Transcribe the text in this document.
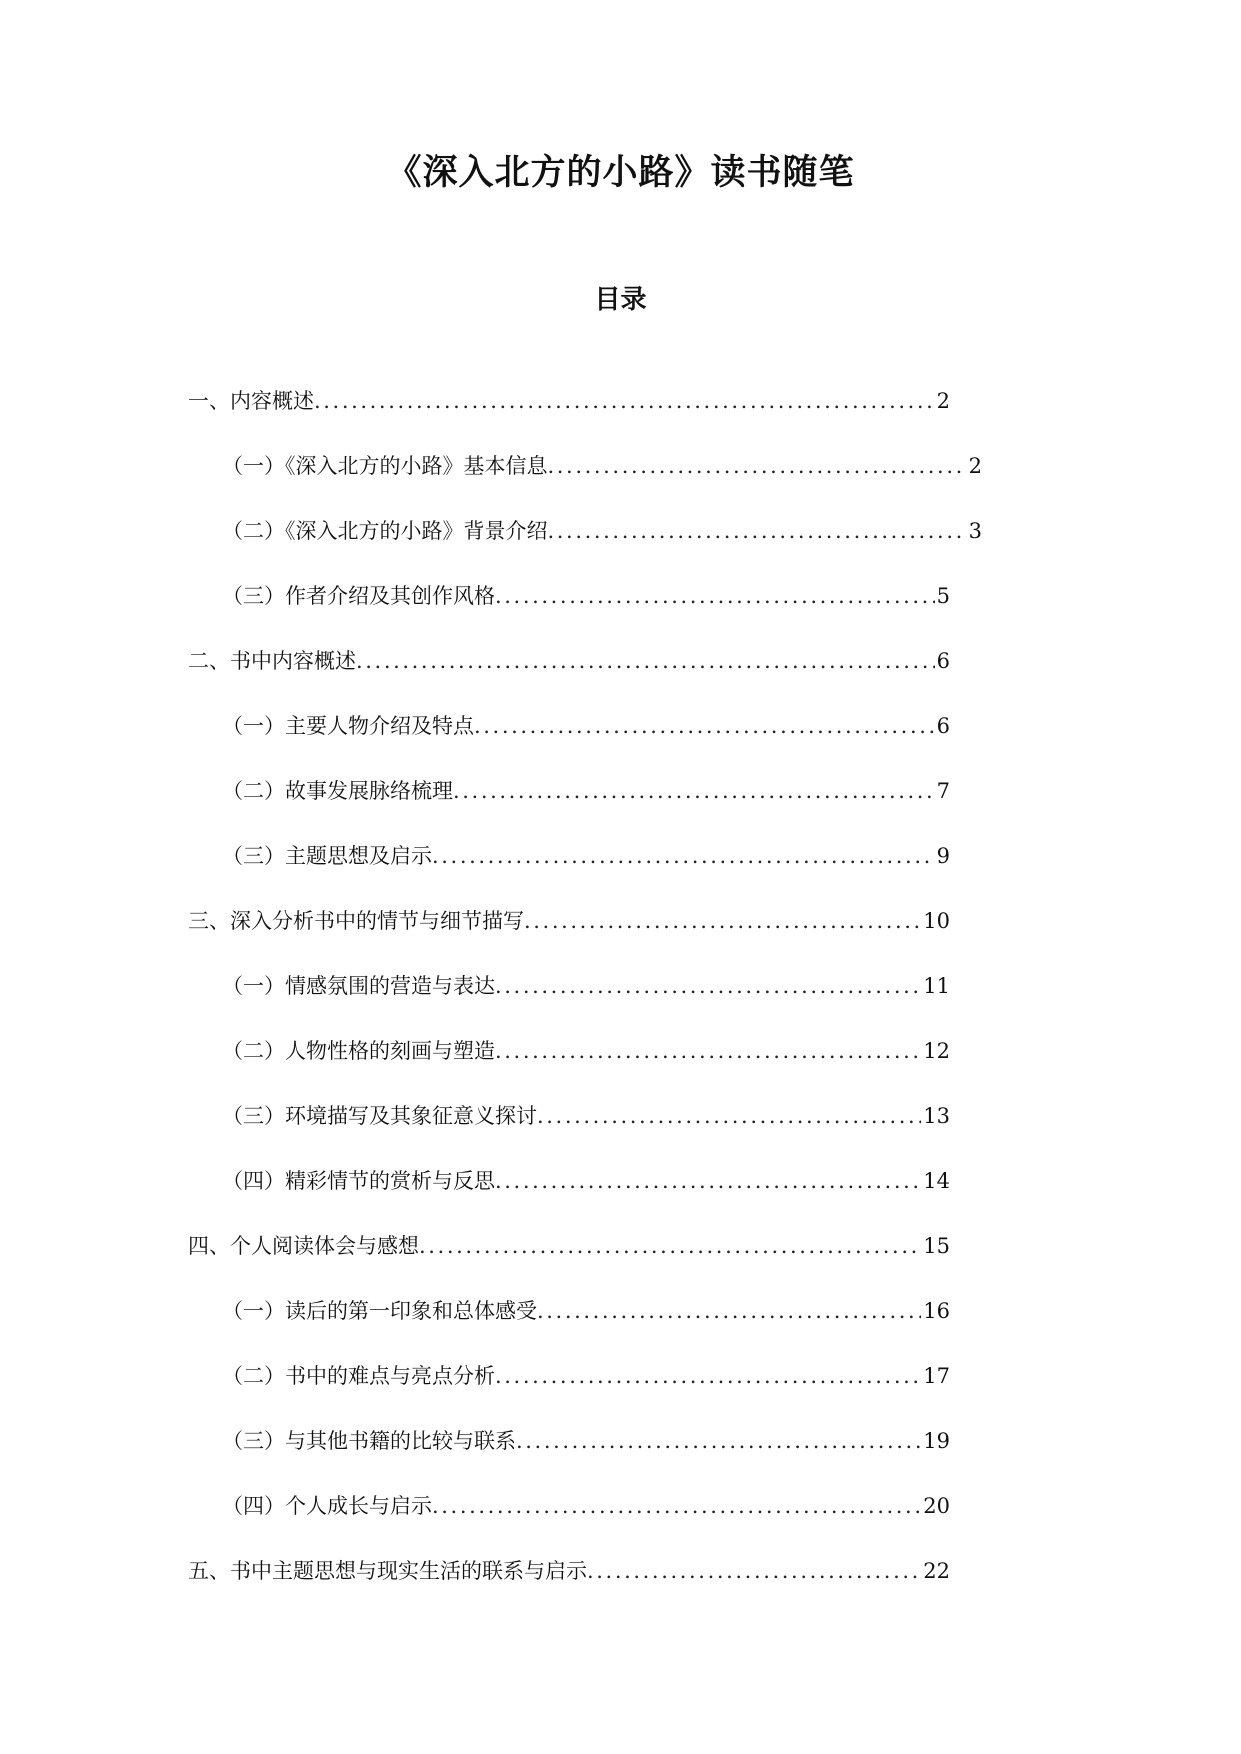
《深入北方的小路》读书随笔
目录
一、内容概述 .....	2
（一）《深入北方的小路》基本信息 .....	2
（二）《深入北方的小路》背景介绍 .....	3
（三）作者介绍及其创作风格 .....	5
二、书中内容概述 .....	6
（一）主要人物介绍及特点 .....	6
（二）故事发展脉络梳理 .....	7
（三）主题思想及启示 .....	9
三、深入分析书中的情节与细节描写 .....	10
（一）情感氛围的营造与表达 .....	11
（二）人物性格的刻画与塑造 .....	12
（三）环境描写及其象征意义探讨 .....	13
（四）精彩情节的赏析与反思 .....	14
四、个人阅读体会与感想 .....	15
（一）读后的第一印象和总体感受 .....	16
（二）书中的难点与亮点分析 .....	17
（三）与其他书籍的比较与联系 .....	19
（四）个人成长与启示 .....	20
五、书中主题思想与现实生活的联系与启示 .....	22
